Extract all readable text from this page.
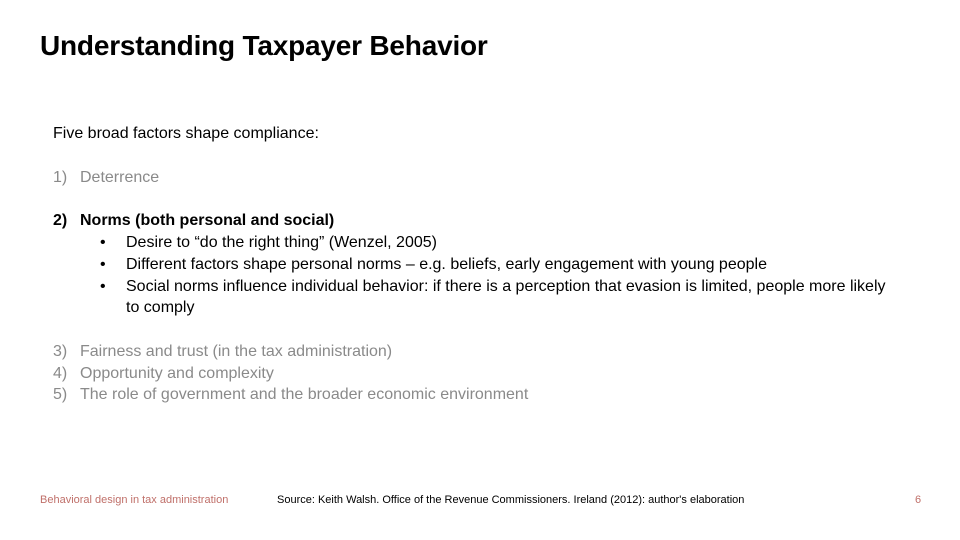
Understanding Taxpayer Behavior
Five broad factors shape compliance:
1) Deterrence
2) Norms (both personal and social)
• Desire to “do the right thing” (Wenzel, 2005)
• Different factors shape personal norms – e.g. beliefs, early engagement with young people
• Social norms influence individual behavior: if there is a perception that evasion is limited, people more likely to comply
3) Fairness and trust (in the tax administration)
4) Opportunity and complexity
5) The role of government and the broader economic environment
Behavioral design in tax administration	Source: Keith Walsh. Office of the Revenue Commissioners. Ireland (2012): author's elaboration	6
